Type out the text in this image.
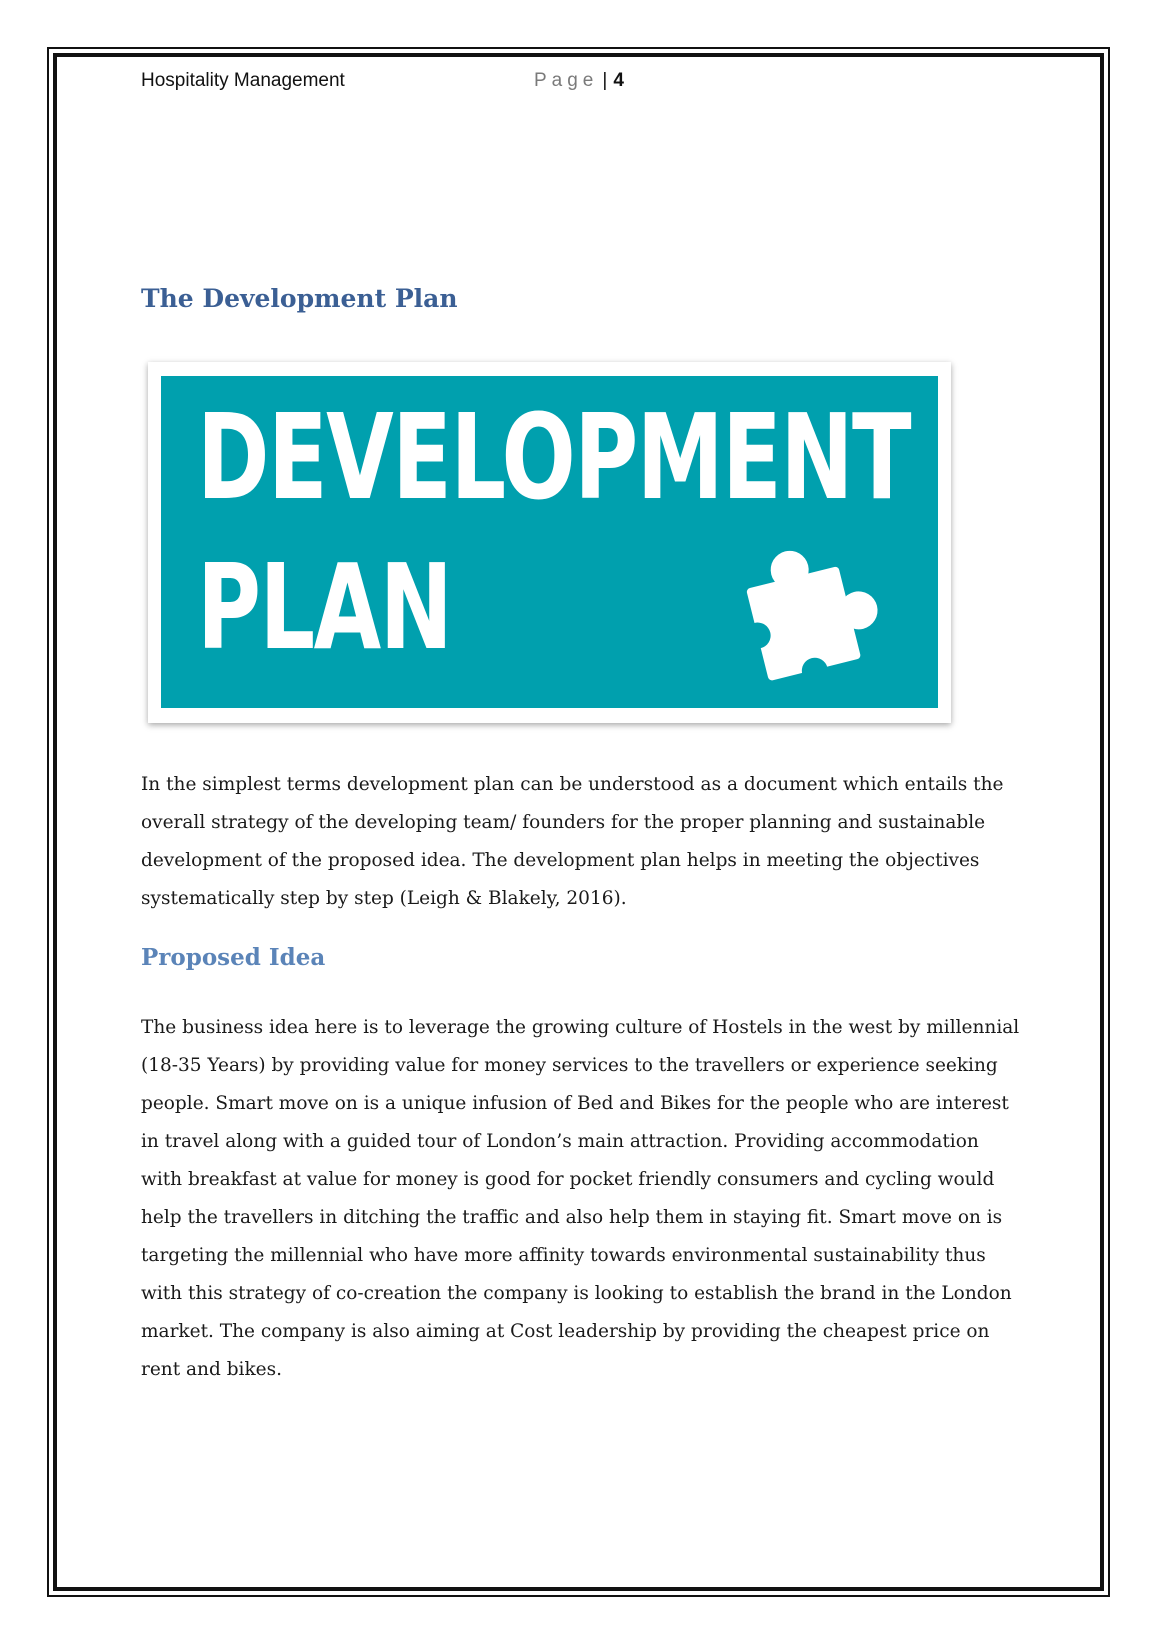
Hospitality Management	Page | 4
The Development Plan
DEVELOPMENT
PLAN

In the simplest terms development plan can be understood as a document which entails the overall strategy of the developing team/ founders for the proper planning and sustainable development of the proposed idea. The development plan helps in meeting the objectives systematically step by step (Leigh & Blakely, 2016).

Proposed Idea

The business idea here is to leverage the growing culture of Hostels in the west by millennial (18-35 Years) by providing value for money services to the travellers or experience seeking people. Smart move on is a unique infusion of Bed and Bikes for the people who are interest in travel along with a guided tour of London’s main attraction. Providing accommodation with breakfast at value for money is good for pocket friendly consumers and cycling would help the travellers in ditching the traffic and also help them in staying fit. Smart move on is targeting the millennial who have more affinity towards environmental sustainability thus with this strategy of co-creation the company is looking to establish the brand in the London market. The company is also aiming at Cost leadership by providing the cheapest price on rent and bikes.
